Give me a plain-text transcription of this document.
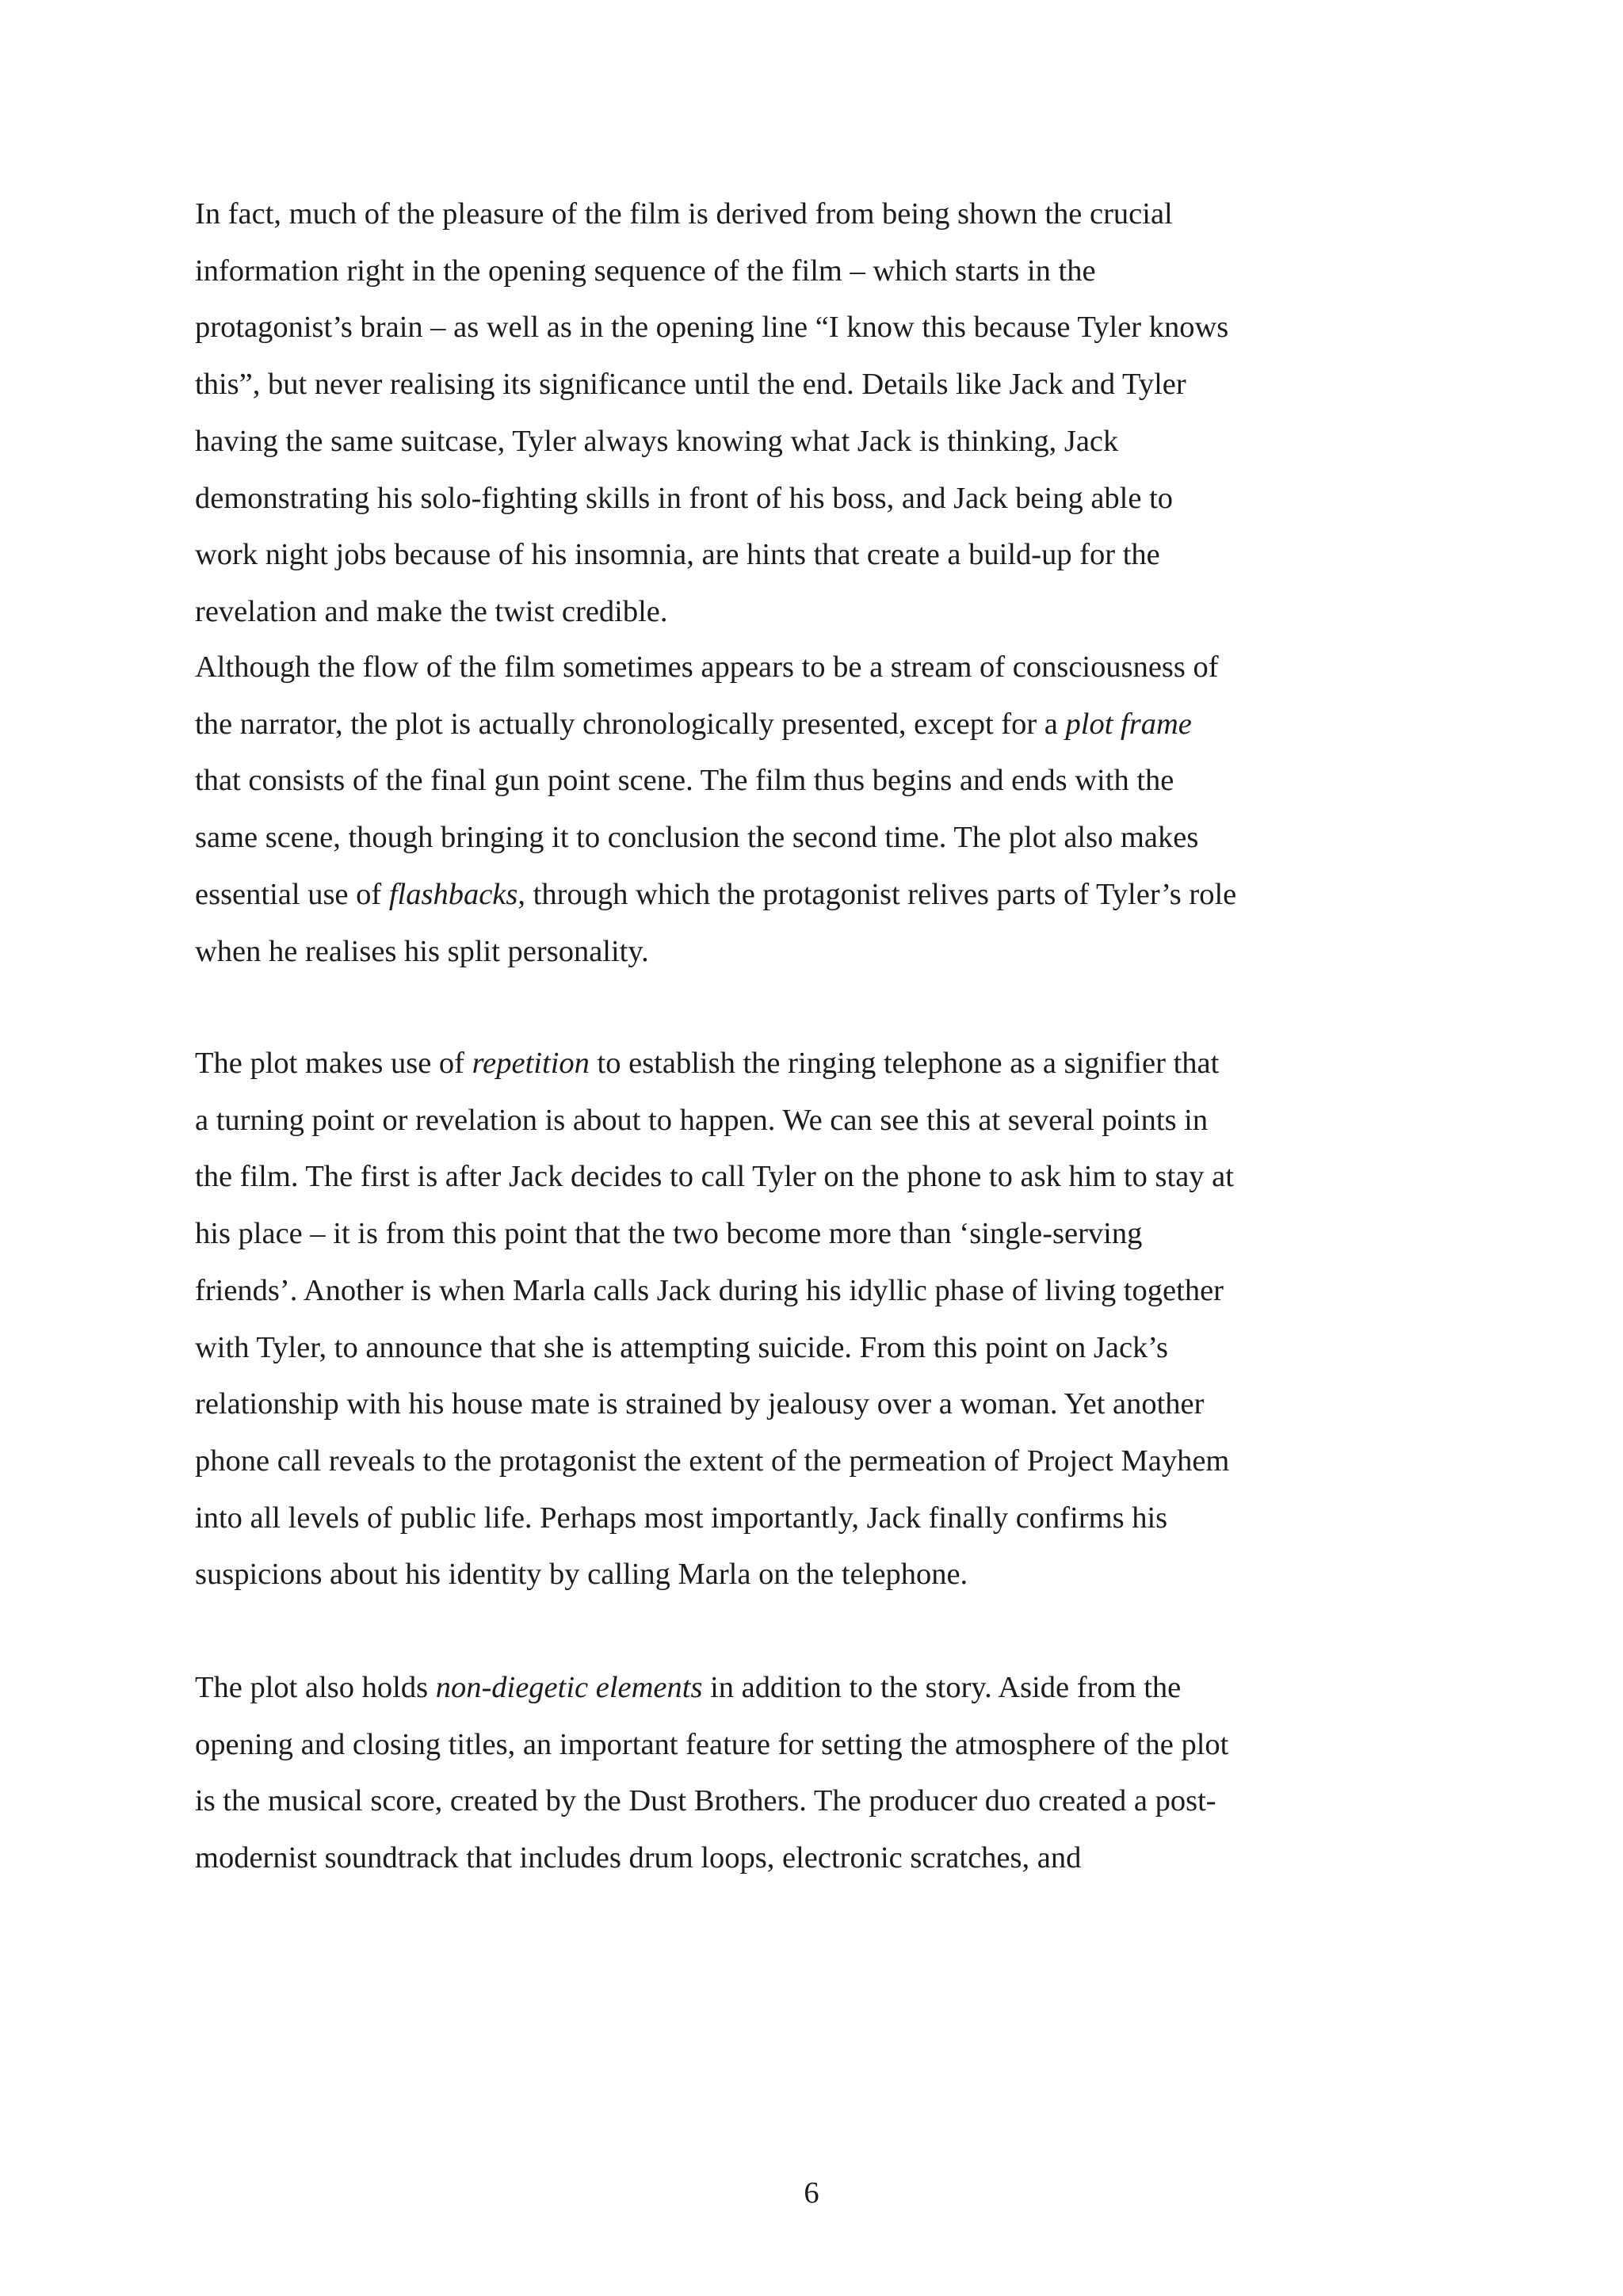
In fact, much of the pleasure of the film is derived from being shown the crucial
information right in the opening sequence of the film – which starts in the
protagonist’s brain – as well as in the opening line “I know this because Tyler knows
this”, but never realising its significance until the end. Details like Jack and Tyler
having the same suitcase, Tyler always knowing what Jack is thinking, Jack
demonstrating his solo-fighting skills in front of his boss, and Jack being able to
work night jobs because of his insomnia, are hints that create a build-up for the
revelation and make the twist credible.
Although the flow of the film sometimes appears to be a stream of consciousness of
the narrator, the plot is actually chronologically presented, except for a plot frame
that consists of the final gun point scene. The film thus begins and ends with the
same scene, though bringing it to conclusion the second time. The plot also makes
essential use of flashbacks, through which the protagonist relives parts of Tyler’s role
when he realises his split personality.
The plot makes use of repetition to establish the ringing telephone as a signifier that
a turning point or revelation is about to happen. We can see this at several points in
the film. The first is after Jack decides to call Tyler on the phone to ask him to stay at
his place – it is from this point that the two become more than ‘single-serving
friends’. Another is when Marla calls Jack during his idyllic phase of living together
with Tyler, to announce that she is attempting suicide. From this point on Jack’s
relationship with his house mate is strained by jealousy over a woman. Yet another
phone call reveals to the protagonist the extent of the permeation of Project Mayhem
into all levels of public life. Perhaps most importantly, Jack finally confirms his
suspicions about his identity by calling Marla on the telephone.
The plot also holds non-diegetic elements in addition to the story. Aside from the
opening and closing titles, an important feature for setting the atmosphere of the plot
is the musical score, created by the Dust Brothers. The producer duo created a post-
modernist soundtrack that includes drum loops, electronic scratches, and
6
